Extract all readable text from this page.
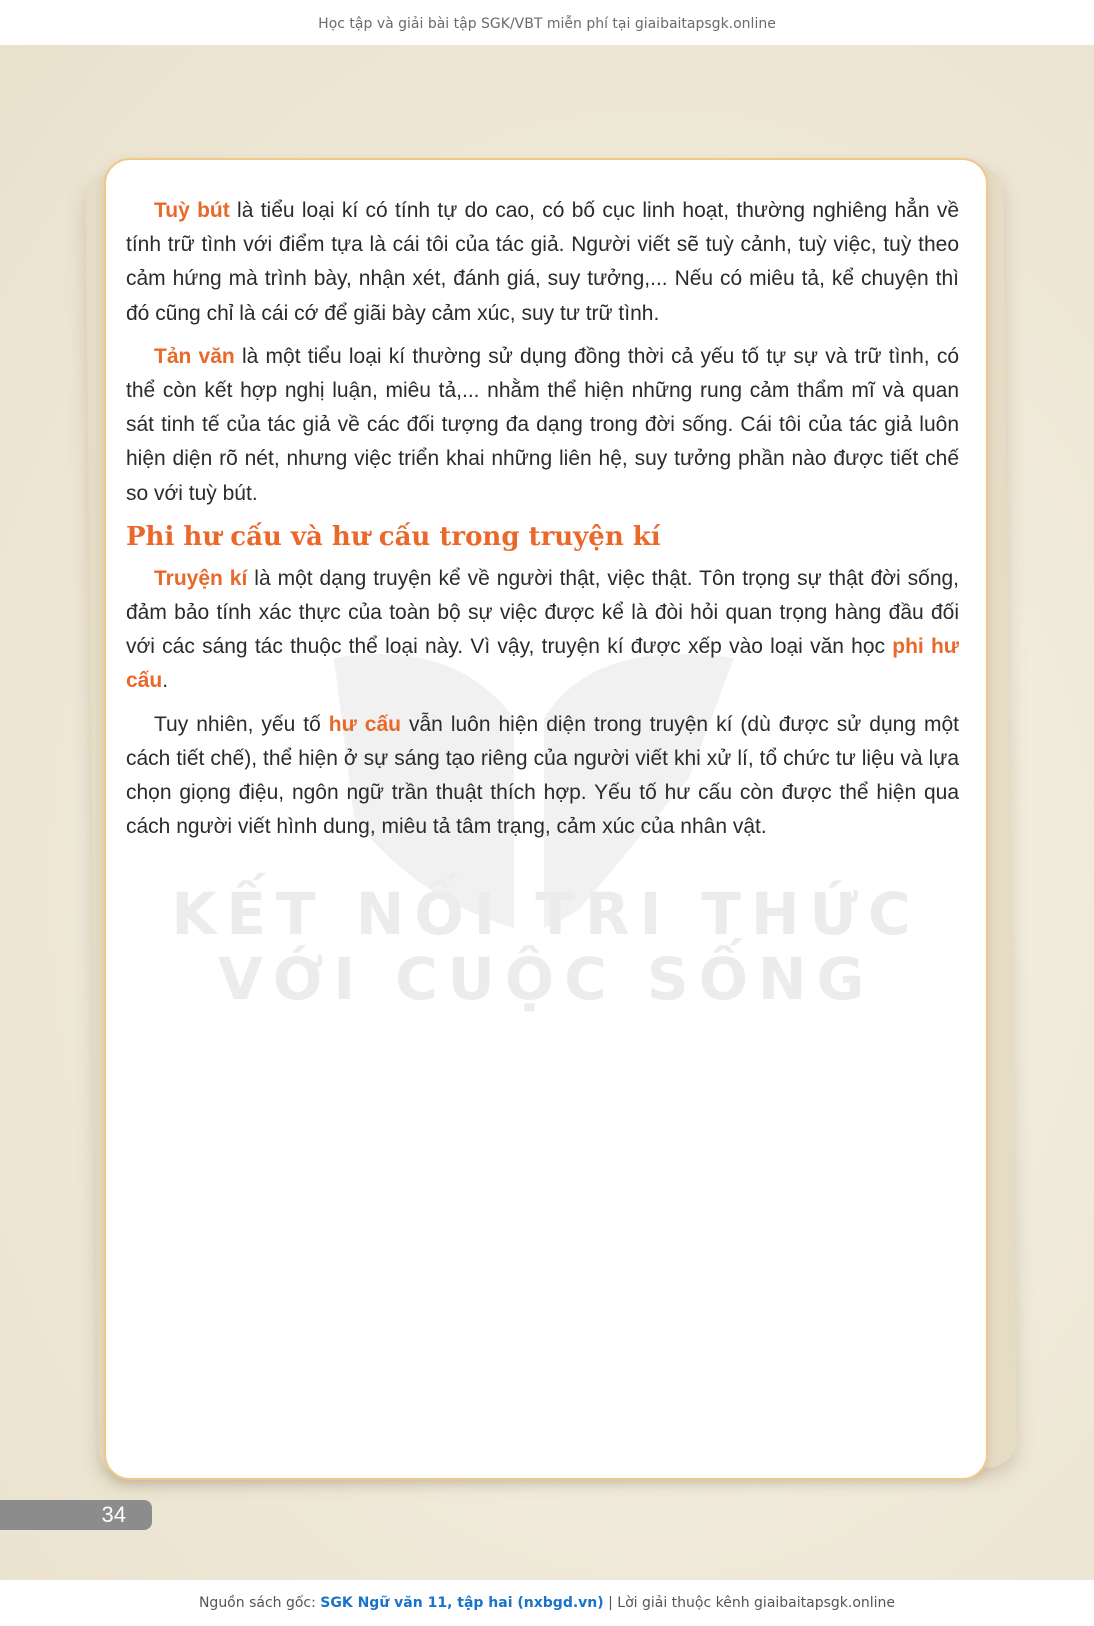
Học tập và giải bài tập SGK/VBT miễn phí tại giaibaitapsgk.online
KẾT NỐI TRI THỨC
VỚI CUỘC SỐNG

Tuỳ bút là tiểu loại kí có tính tự do cao, có bố cục linh hoạt, thường nghiêng hẳn về tính trữ tình với điểm tựa là cái tôi của tác giả. Người viết sẽ tuỳ cảnh, tuỳ việc, tuỳ theo cảm hứng mà trình bày, nhận xét, đánh giá, suy tưởng,... Nếu có miêu tả, kể chuyện thì đó cũng chỉ là cái cớ để giãi bày cảm xúc, suy tư trữ tình.

Tản văn là một tiểu loại kí thường sử dụng đồng thời cả yếu tố tự sự và trữ tình, có thể còn kết hợp nghị luận, miêu tả,... nhằm thể hiện những rung cảm thẩm mĩ và quan sát tinh tế của tác giả về các đối tượng đa dạng trong đời sống. Cái tôi của tác giả luôn hiện diện rõ nét, nhưng việc triển khai những liên hệ, suy tưởng phần nào được tiết chế so với tuỳ bút.

Phi hư cấu và hư cấu trong truyện kí

Truyện kí là một dạng truyện kể về người thật, việc thật. Tôn trọng sự thật đời sống, đảm bảo tính xác thực của toàn bộ sự việc được kể là đòi hỏi quan trọng hàng đầu đối với các sáng tác thuộc thể loại này. Vì vậy, truyện kí được xếp vào loại văn học phi hư cấu.

Tuy nhiên, yếu tố hư cấu vẫn luôn hiện diện trong truyện kí (dù được sử dụng một cách tiết chế), thể hiện ở sự sáng tạo riêng của người viết khi xử lí, tổ chức tư liệu và lựa chọn giọng điệu, ngôn ngữ trần thuật thích hợp. Yếu tố hư cấu còn được thể hiện qua cách người viết hình dung, miêu tả tâm trạng, cảm xúc của nhân vật.

34
Nguồn sách gốc: SGK Ngữ văn 11, tập hai (nxbgd.vn) | Lời giải thuộc kênh giaibaitapsgk.online
